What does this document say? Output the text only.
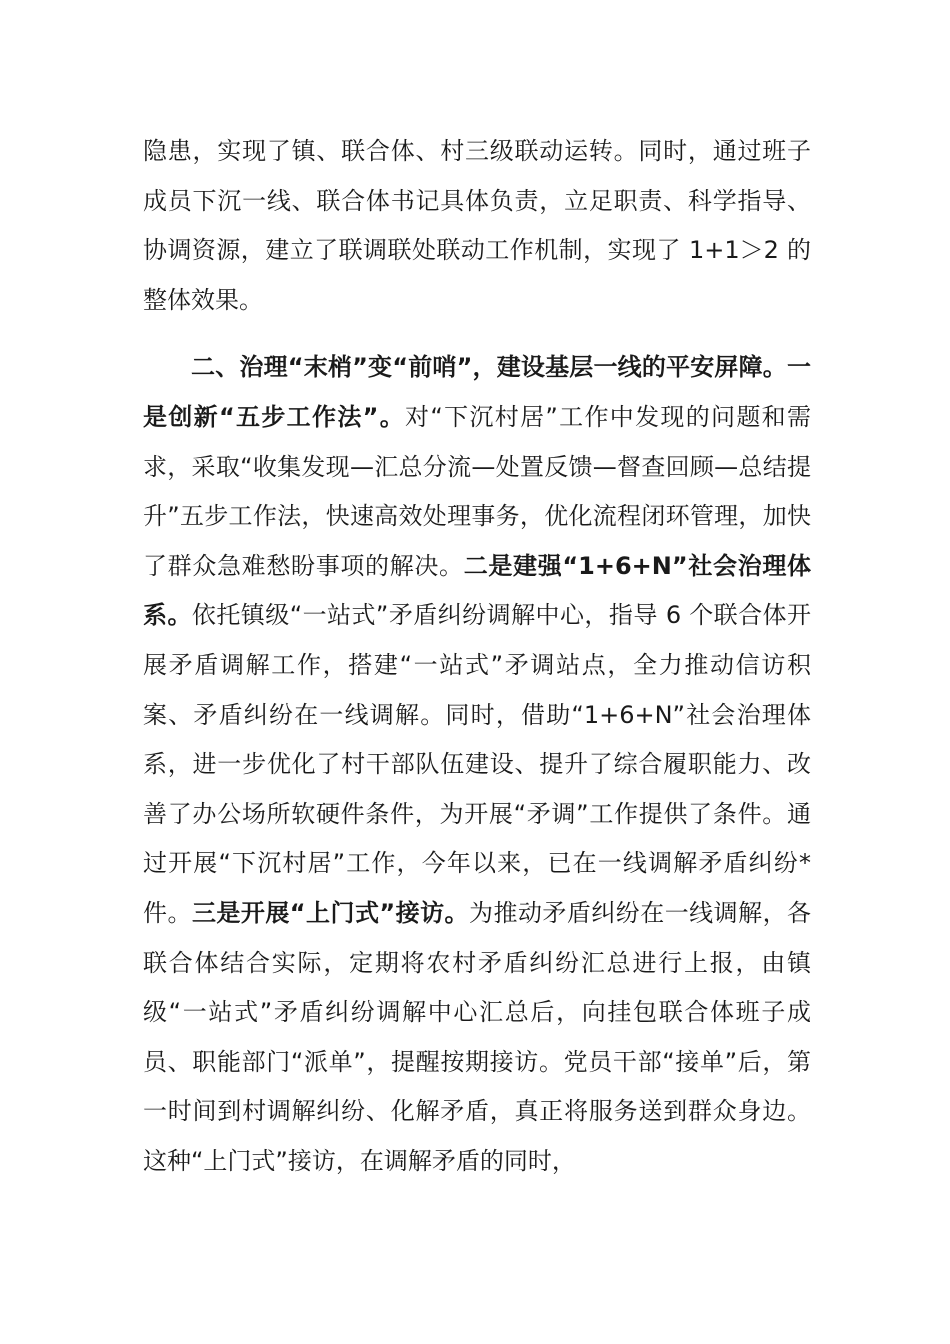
隐患，实现了镇、联合体、村三级联动运转。同时，通过班子成员下沉一线、联合体书记具体负责，立足职责、科学指导、协调资源，建立了联调联处联动工作机制，实现了 1+1＞2 的整体效果。

二、治理“末梢”变“前哨”，建设基层一线的平安屏障。一是创新“五步工作法”。对“下沉村居”工作中发现的问题和需求，采取“收集发现—汇总分流—处置反馈—督查回顾—总结提升”五步工作法，快速高效处理事务，优化流程闭环管理，加快了群众急难愁盼事项的解决。二是建强“1+6+N”社会治理体系。依托镇级“一站式”矛盾纠纷调解中心，指导 6 个联合体开展矛盾调解工作，搭建“一站式”矛调站点，全力推动信访积案、矛盾纠纷在一线调解。同时，借助“1+6+N”社会治理体系，进一步优化了村干部队伍建设、提升了综合履职能力、改善了办公场所软硬件条件，为开展“矛调”工作提供了条件。通过开展“下沉村居”工作，今年以来，已在一线调解矛盾纠纷*件。三是开展“上门式”接访。为推动矛盾纠纷在一线调解，各联合体结合实际，定期将农村矛盾纠纷汇总进行上报，由镇级“一站式”矛盾纠纷调解中心汇总后，向挂包联合体班子成员、职能部门“派单”，提醒按期接访。党员干部“接单”后，第一时间到村调解纠纷、化解矛盾，真正将服务送到群众身边。这种“上门式”接访，在调解矛盾的同时，
